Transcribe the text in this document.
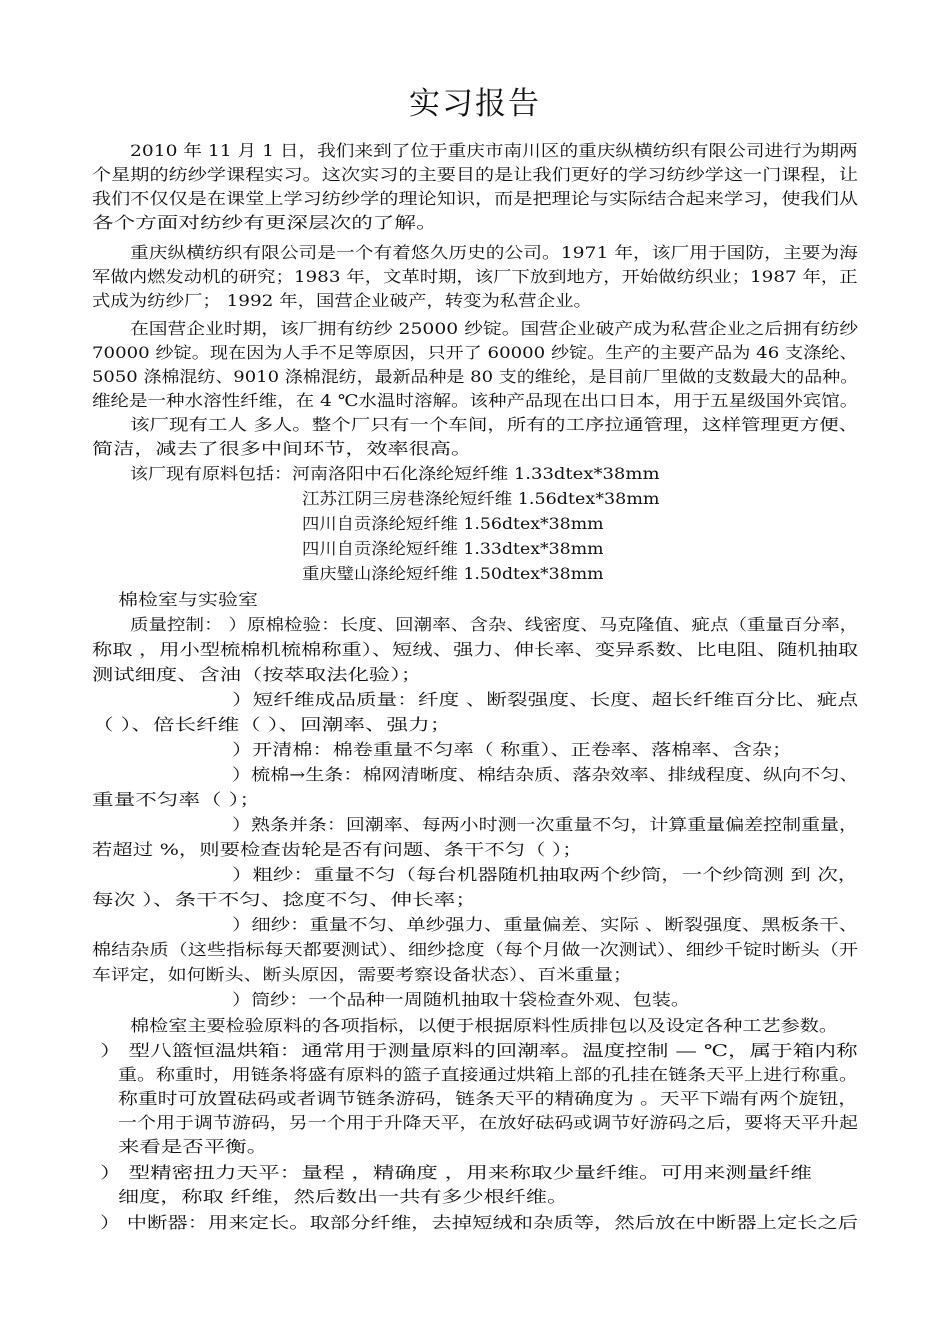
实习报告
2010 年 11 月 1 日，我们来到了位于重庆市南川区的重庆纵横纺织有限公司进行为期两
个星期的纺纱学课程实习。这次实习的主要目的是让我们更好的学习纺纱学这一门课程，让
我们不仅仅是在课堂上学习纺纱学的理论知识，而是把理论与实际结合起来学习，使我们从
各个方面对纺纱有更深层次的了解。
重庆纵横纺织有限公司是一个有着悠久历史的公司。1971 年，该厂用于国防，主要为海
军做内燃发动机的研究；1983 年，文革时期，该厂下放到地方，开始做纺织业；1987 年，正
式成为纺纱厂； 1992 年，国营企业破产，转变为私营企业。
在国营企业时期，该厂拥有纺纱 25000 纱锭。国营企业破产成为私营企业之后拥有纺纱
70000 纱锭。现在因为人手不足等原因，只开了 60000 纱锭。生产的主要产品为 46 支涤纶、
5050 涤棉混纺、9010 涤棉混纺，最新品种是 80 支的维纶，是目前厂里做的支数最大的品种。
维纶是一种水溶性纤维，在 4 ℃水温时溶解。该种产品现在出口日本，用于五星级国外宾馆。
该厂现有工人 多人。整个厂只有一个车间，所有的工序拉通管理，这样管理更方便、
简洁，减去了很多中间环节，效率很高。
该厂现有原料包括：河南洛阳中石化涤纶短纤维 1.33dtex*38mm
江苏江阴三房巷涤纶短纤维 1.56dtex*38mm
四川自贡涤纶短纤维 1.56dtex*38mm
四川自贡涤纶短纤维 1.33dtex*38mm
重庆璧山涤纶短纤维 1.50dtex*38mm
棉检室与实验室
质量控制： ）原棉检验：长度、回潮率、含杂、线密度、马克隆值、疵点（重量百分率，
称取 ，用小型梳棉机梳棉称重）、短绒、强力、伸长率、变异系数、比电阻、随机抽取
测试细度、含油（按萃取法化验）；
）短纤维成品质量：纤度 、断裂强度、长度、超长纤维百分比、疵点
（ ）、倍长纤维（ ）、回潮率、强力；
）开清棉：棉卷重量不匀率（ 称重）、正卷率、落棉率、含杂；
）梳棉→生条：棉网清晰度、棉结杂质、落杂效率、排绒程度、纵向不匀、
重量不匀率（ ）；
）熟条并条：回潮率、每两小时测一次重量不匀，计算重量偏差控制重量，
若超过 %，则要检查齿轮是否有问题、条干不匀（ ）；
）粗纱：重量不匀（每台机器随机抽取两个纱筒，一个纱筒测 到 次，
每次 ）、条干不匀、捻度不匀、伸长率；
）细纱：重量不匀、单纱强力、重量偏差、实际 、断裂强度、黑板条干、
棉结杂质（这些指标每天都要测试）、细纱捻度（每个月做一次测试）、细纱千锭时断头（开
车评定，如何断头、断头原因，需要考察设备状态）、百米重量；
）筒纱：一个品种一周随机抽取十袋检查外观、包装。
棉检室主要检验原料的各项指标，以便于根据原料性质排包以及设定各种工艺参数。
） 型八篮恒温烘箱：通常用于测量原料的回潮率。温度控制 — ℃，属于箱内称
重。称重时，用链条将盛有原料的篮子直接通过烘箱上部的孔挂在链条天平上进行称重。
称重时可放置砝码或者调节链条游码，链条天平的精确度为 。天平下端有两个旋钮，
一个用于调节游码，另一个用于升降天平，在放好砝码或调节好游码之后，要将天平升起
来看是否平衡。
） 型精密扭力天平：量程 ，精确度 ，用来称取少量纤维。可用来测量纤维
细度，称取 纤维，然后数出一共有多少根纤维。
） 中断器：用来定长。取部分纤维，去掉短绒和杂质等，然后放在中断器上定长之后
